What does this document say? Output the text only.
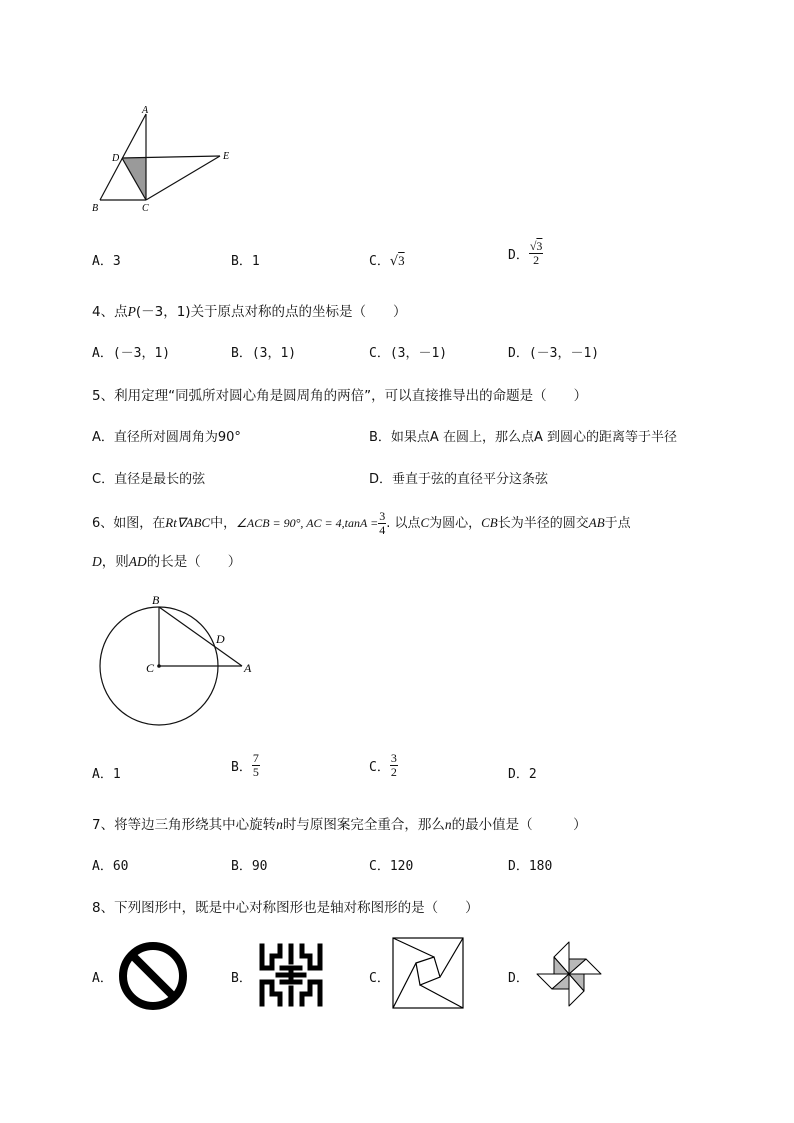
A
D	E
B	C
A．3	B．1	C．√3	D． $\frac{√3}{2}$
4、点P(－3，1)关于原点对称的点的坐标是（　　）
A．(－3，1)	B．(3，1)	C．(3，－1)	D．(－3，－1)
5、利用定理“同弧所对圆心角是圆周角的两倍”，可以直接推导出的命题是（　　）
A．直径所对圆周角为90°	B．如果点A 在圆上，那么点A 到圆心的距离等于半径
C．直径是最长的弦	D．垂直于弦的直径平分这条弦
6、如图，在Rt∇ABC中，∠ACB = 90°, AC = $4,\tan A = \frac{3}{4}$ . 以点C为圆心，CB长为半径的圆交AB于点
D，则AD的长是（　　）
B
D
C	A
A．1	B． $\frac{7}{5}$	C． $\frac{3}{2}$	D．2
7、将等边三角形绕其中心旋转n时与原图案完全重合，那么n的最小值是（　　　）
A．60	B．90	C．120	D．180
8、下列图形中，既是中心对称图形也是轴对称图形的是（　　）
A．	B．	C．	D．
